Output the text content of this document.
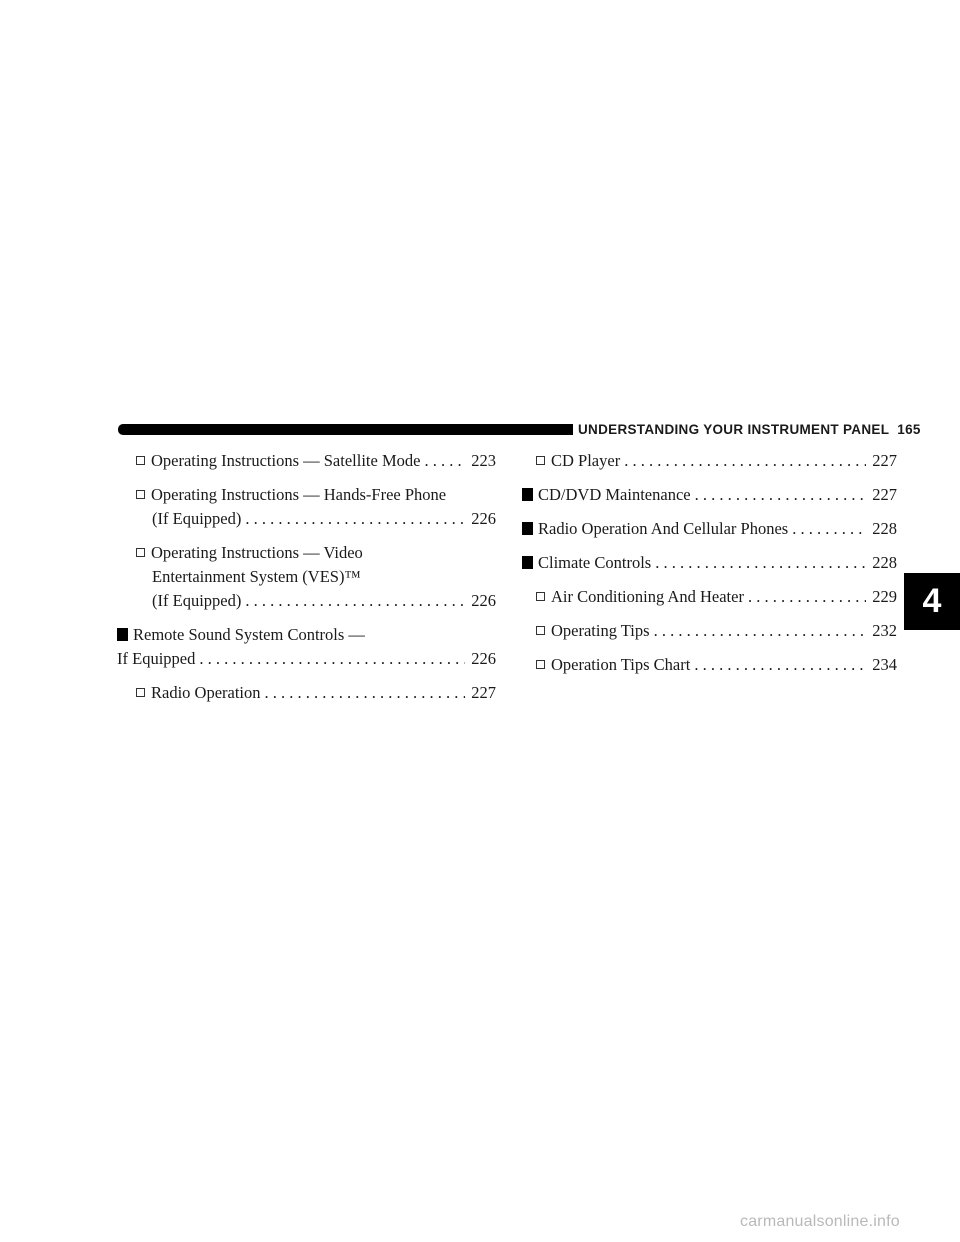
UNDERSTANDING YOUR INSTRUMENT PANEL 165
4
Operating Instructions — Satellite Mode . . .	223
Operating Instructions — Hands-Free Phone
(If Equipped) . . .	226
Operating Instructions — Video
Entertainment System (VES)™
(If Equipped) . . .	226
Remote Sound System Controls —
If Equipped . . .	226
Radio Operation . . .	227
CD Player . . .	227
CD/DVD Maintenance . . .	227
Radio Operation And Cellular Phones . . .	228
Climate Controls . . .	228
Air Conditioning And Heater . . .	229
Operating Tips . . .	232
Operation Tips Chart . . .	234
carmanualsonline.info
